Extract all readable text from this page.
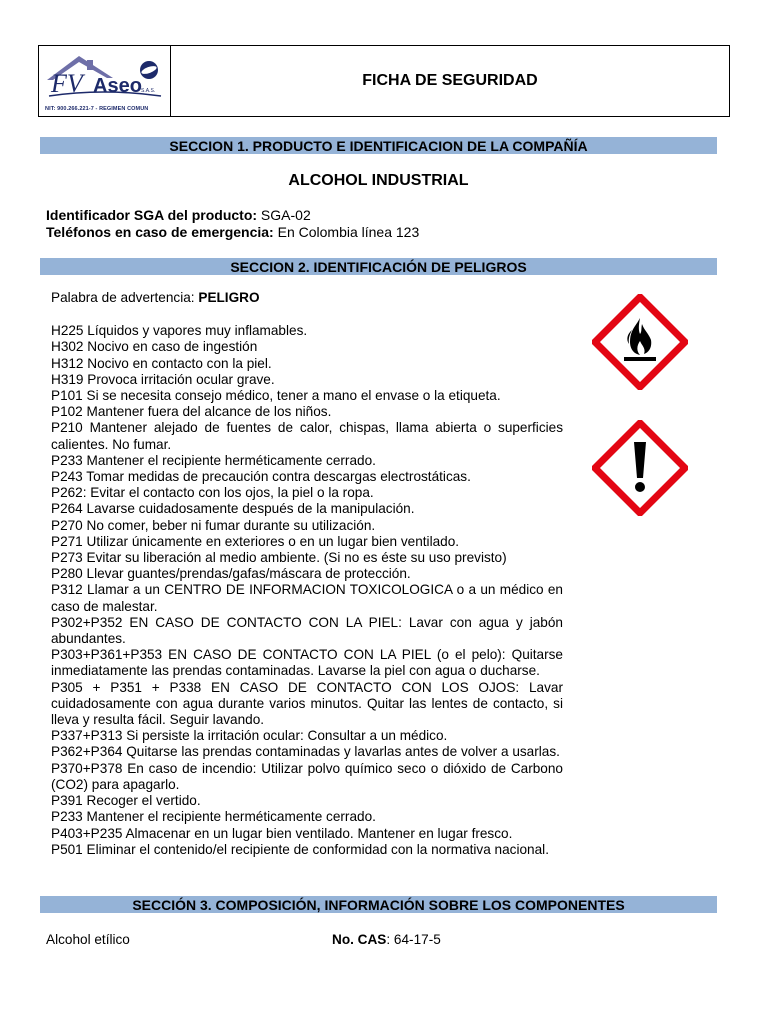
FV Aseo S.A.S.
NIT: 900.266.221-7 - REGIMEN COMUN
FICHA DE SEGURIDAD
SECCION 1. PRODUCTO E IDENTIFICACION DE LA COMPAÑÍA
ALCOHOL INDUSTRIAL
Identificador SGA del producto: SGA-02
Teléfonos en caso de emergencia: En Colombia línea 123
SECCION 2. IDENTIFICACIÓN DE PELIGROS

Palabra de advertencia: PELIGRO

H225 Líquidos y vapores muy inflamables.

H302 Nocivo en caso de ingestión

H312 Nocivo en contacto con la piel.

H319 Provoca irritación ocular grave.

P101 Si se necesita consejo médico, tener a mano el envase o la etiqueta.

P102 Mantener fuera del alcance de los niños.

P210 Mantener alejado de fuentes de calor, chispas, llama abierta o superficies calientes. No fumar.

P233 Mantener el recipiente herméticamente cerrado.

P243 Tomar medidas de precaución contra descargas electrostáticas.

P262: Evitar el contacto con los ojos, la piel o la ropa.

P264 Lavarse cuidadosamente después de la manipulación.

P270 No comer, beber ni fumar durante su utilización.

P271 Utilizar únicamente en exteriores o en un lugar bien ventilado.

P273 Evitar su liberación al medio ambiente. (Si no es éste su uso previsto)

P280 Llevar guantes/prendas/gafas/máscara de protección.

P312 Llamar a un CENTRO DE INFORMACION TOXICOLOGICA o a un médico en caso de malestar.

P302+P352 EN CASO DE CONTACTO CON LA PIEL: Lavar con agua y jabón abundantes.

P303+P361+P353 EN CASO DE CONTACTO CON LA PIEL (o el pelo): Quitarse inmediatamente las prendas contaminadas. Lavarse la piel con agua o ducharse.

P305 + P351 + P338 EN CASO DE CONTACTO CON LOS OJOS: Lavar cuidadosamente con agua durante varios minutos. Quitar las lentes de contacto, si lleva y resulta fácil. Seguir lavando.

P337+P313 Si persiste la irritación ocular: Consultar a un médico.

P362+P364 Quitarse las prendas contaminadas y lavarlas antes de volver a usarlas.

P370+P378 En caso de incendio: Utilizar polvo químico seco o dióxido de Carbono (CO2) para apagarlo.

P391 Recoger el vertido.

P233 Mantener el recipiente herméticamente cerrado.

P403+P235 Almacenar en un lugar bien ventilado. Mantener en lugar fresco.

P501 Eliminar el contenido/el recipiente de conformidad con la normativa nacional.

SECCIÓN 3. COMPOSICIÓN, INFORMACIÓN SOBRE LOS COMPONENTES
Alcohol etílico	No. CAS: 64-17-5
